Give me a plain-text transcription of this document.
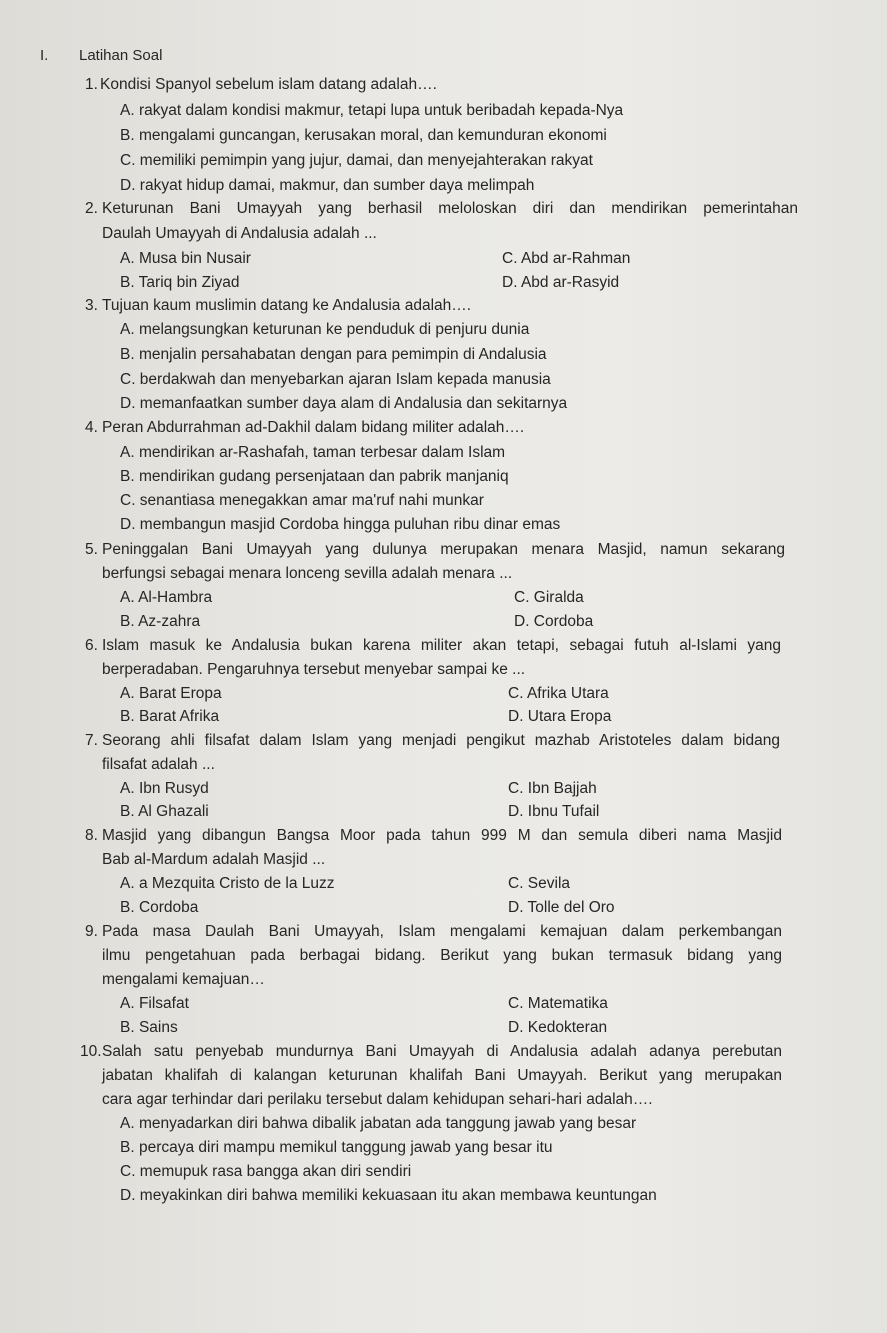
I. Latihan Soal
1. Kondisi Spanyol sebelum islam datang adalah….
A. rakyat dalam kondisi makmur, tetapi lupa untuk beribadah kepada-Nya
B. mengalami guncangan, kerusakan moral, dan kemunduran ekonomi
C. memiliki pemimpin yang jujur, damai, dan menyejahterakan rakyat
D. rakyat hidup damai, makmur, dan sumber daya melimpah
2. Keturunan Bani Umayyah yang berhasil meloloskan diri dan mendirikan pemerintahan
Daulah Umayyah di Andalusia adalah ...
A. Musa bin Nusair	C. Abd ar-Rahman
B. Tariq bin Ziyad	D. Abd ar-Rasyid
3. Tujuan kaum muslimin datang ke Andalusia adalah….
A. melangsungkan keturunan ke penduduk di penjuru dunia
B. menjalin persahabatan dengan para pemimpin di Andalusia
C. berdakwah dan menyebarkan ajaran Islam kepada manusia
D. memanfaatkan sumber daya alam di Andalusia dan sekitarnya
4. Peran Abdurrahman ad-Dakhil dalam bidang militer adalah….
A. mendirikan ar-Rashafah, taman terbesar dalam Islam
B. mendirikan gudang persenjataan dan pabrik manjaniq
C. senantiasa menegakkan amar ma'ruf nahi munkar
D. membangun masjid Cordoba hingga puluhan ribu dinar emas
5. Peninggalan Bani Umayyah yang dulunya merupakan menara Masjid, namun sekarang
berfungsi sebagai menara lonceng sevilla adalah menara ...
A. Al-Hambra	C. Giralda
B. Az-zahra	D. Cordoba
6. Islam masuk ke Andalusia bukan karena militer akan tetapi, sebagai futuh al-Islami yang
berperadaban. Pengaruhnya tersebut menyebar sampai ke ...
A. Barat Eropa	C. Afrika Utara
B. Barat Afrika	D. Utara Eropa
7. Seorang ahli filsafat dalam Islam yang menjadi pengikut mazhab Aristoteles dalam bidang
filsafat adalah ...
A. Ibn Rusyd	C. Ibn Bajjah
B. Al Ghazali	D. Ibnu Tufail
8. Masjid yang dibangun Bangsa Moor pada tahun 999 M dan semula diberi nama Masjid
Bab al-Mardum adalah Masjid ...
A. a Mezquita Cristo de la Luzz	C. Sevila
B. Cordoba	D. Tolle del Oro
9. Pada masa Daulah Bani Umayyah, Islam mengalami kemajuan dalam perkembangan
ilmu pengetahuan pada berbagai bidang. Berikut yang bukan termasuk bidang yang
mengalami kemajuan…
A. Filsafat	C. Matematika
B. Sains	D. Kedokteran
10. Salah satu penyebab mundurnya Bani Umayyah di Andalusia adalah adanya perebutan
jabatan khalifah di kalangan keturunan khalifah Bani Umayyah. Berikut yang merupakan
cara agar terhindar dari perilaku tersebut dalam kehidupan sehari-hari adalah….
A. menyadarkan diri bahwa dibalik jabatan ada tanggung jawab yang besar
B. percaya diri mampu memikul tanggung jawab yang besar itu
C. memupuk rasa bangga akan diri sendiri
D. meyakinkan diri bahwa memiliki kekuasaan itu akan membawa keuntungan
